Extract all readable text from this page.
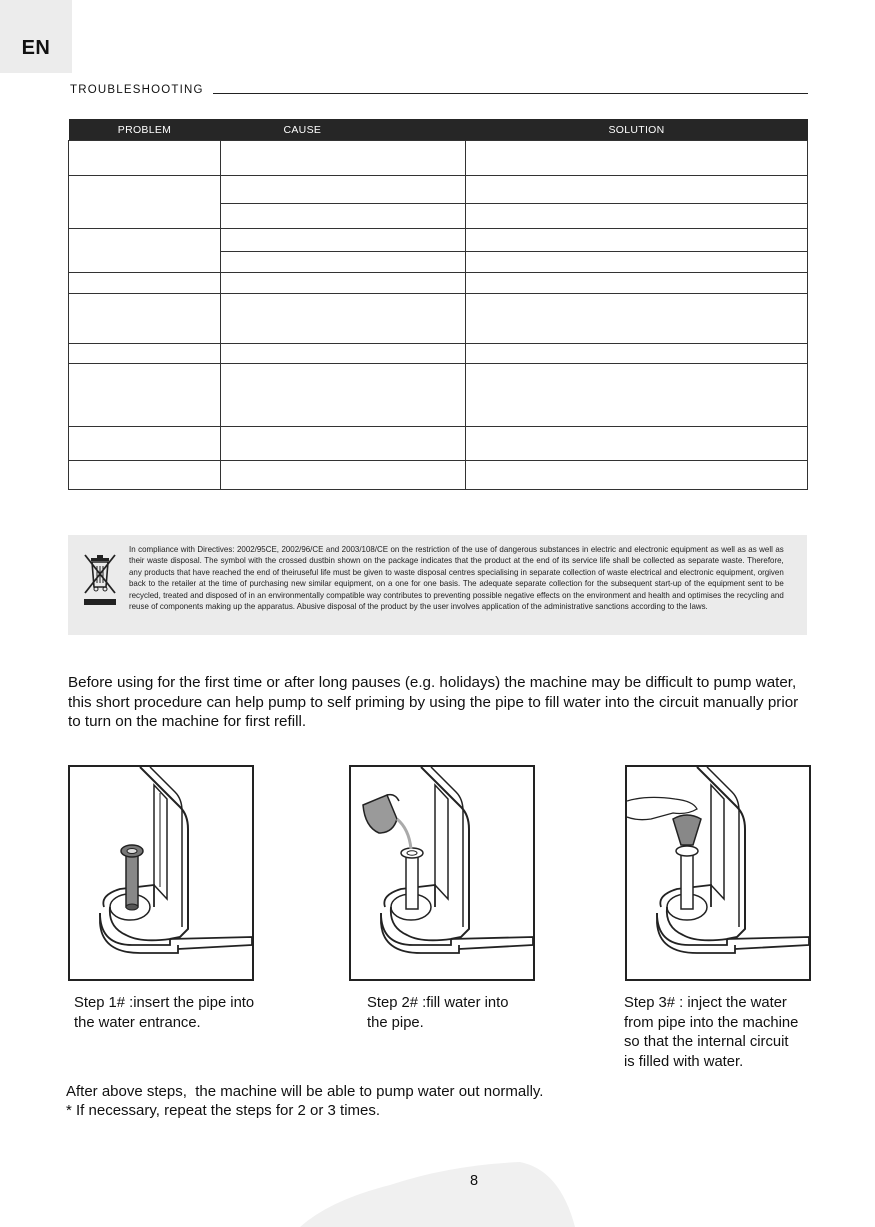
EN
TROUBLESHOOTING
PROBLEM	CAUSE	SOLUTION

In compliance with Directives: 2002/95CE, 2002/96/CE and 2003/108/CE on the restriction of the use of dangerous substances in electric and electronic equipment as well as as well as their waste disposal. The symbol with the crossed dustbin shown on the package indicates that the product at the end of its service life shall be collected as separate waste. Therefore, any products that have reached the end of theiruseful life must be given to waste disposal centres specialising in separate collection of waste electrical and electronic equipment, orgiven back to the retailer at the time of purchasing new similar equipment, on a one for one basis. The adequate separate collection for the subsequent start-up of the equipment sent to be recycled, treated and disposed of in an environmentally compatible way contributes to preventing possible negative effects on the environment and health and optimises the recycling and reuse of components making up the apparatus. Abusive disposal of the product by the user involves application of the administrative sanctions according to the laws.
Before using for the first time or after long pauses (e.g. holidays) the machine may be difficult to pump water, this short procedure can help pump to self priming by using the pipe to fill water into the circuit manually prior to turn on the machine for first refill.
Step 1# :insert the pipe into
the water entrance.
Step 2# :fill water into
the pipe.
Step 3# : inject the water
from pipe into the machine
so that the internal circuit
is filled with water.
After above steps,  the machine will be able to pump water out normally.
* If necessary, repeat the steps for 2 or 3 times.
8
